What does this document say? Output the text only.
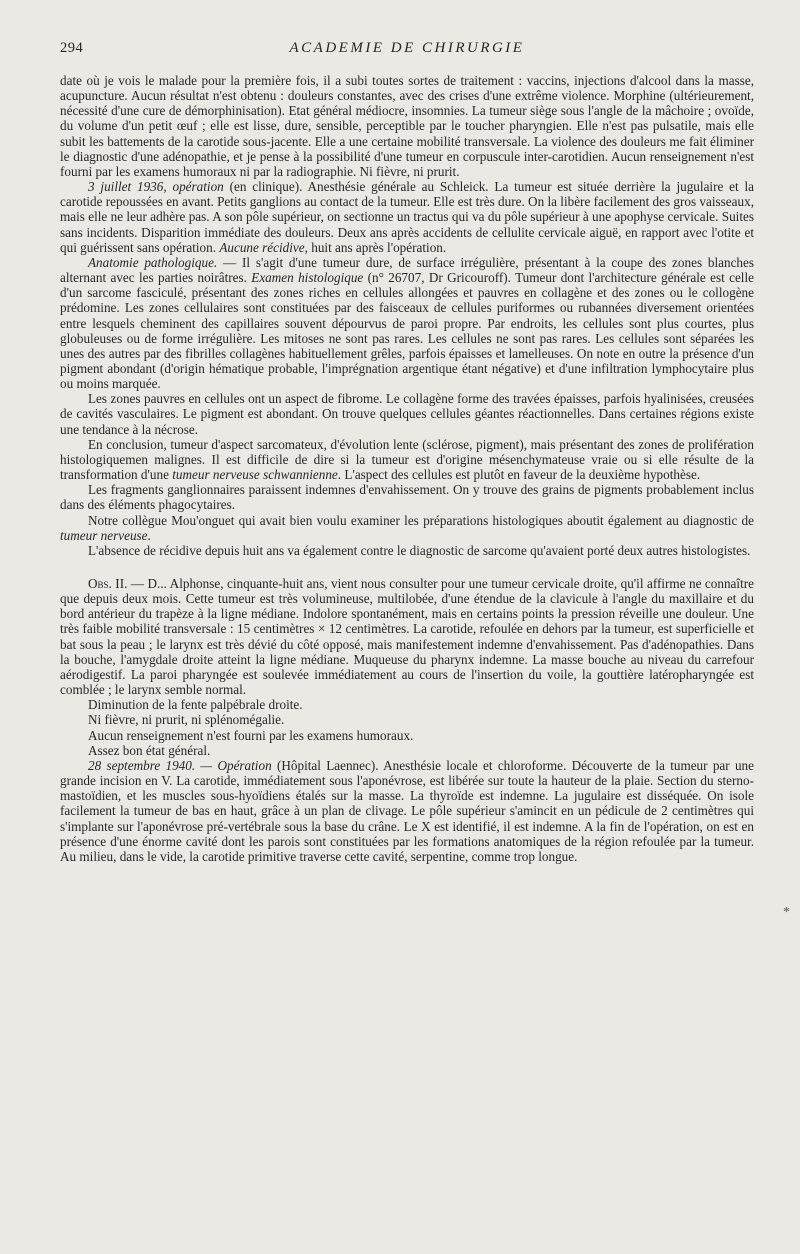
294	ACADEMIE DE CHIRURGIE

date où je vois le malade pour la première fois, il a subi toutes sortes de traitement : vaccins, injections d'alcool dans la masse, acupuncture. Aucun résultat n'est obtenu : douleurs constantes, avec des crises d'une extrême violence. Morphine (ultérieurement, nécessité d'une cure de démorphinisation). Etat général médiocre, insomnies. La tumeur siège sous l'angle de la mâchoire ; ovoïde, du volume d'un petit œuf ; elle est lisse, dure, sensible, perceptible par le toucher pharyngien. Elle n'est pas pulsatile, mais elle subit les battements de la carotide sous-jacente. Elle a une certaine mobilité transversale. La violence des douleurs me fait éliminer le diagnostic d'une adénopathie, et je pense à la possibilité d'une tumeur en corpuscule inter-carotidien. Aucun renseignement n'est fourni par les examens humoraux ni par la radiographie. Ni fièvre, ni prurit.

3 juillet 1936, opération (en clinique). Anesthésie générale au Schleick. La tumeur est située derrière la jugulaire et la carotide repoussées en avant. Petits ganglions au contact de la tumeur. Elle est très dure. On la libère facilement des gros vaisseaux, mais elle ne leur adhère pas. A son pôle supérieur, on sectionne un tractus qui va du pôle supérieur à une apophyse cervicale. Suites sans incidents. Disparition immédiate des douleurs. Deux ans après accidents de cellulite cervicale aiguë, en rapport avec l'otite et qui guérissent sans opération. Aucune récidive, huit ans après l'opération.

Anatomie pathologique. — Il s'agit d'une tumeur dure, de surface irrégulière, présentant à la coupe des zones blanches alternant avec les parties noirâtres. Examen histologique (n° 26707, Dr Gricouroff). Tumeur dont l'architecture générale est celle d'un sarcome fasciculé, présentant des zones riches en cellules allongées et pauvres en collagène et des zones ou le collogène prédomine. Les zones cellulaires sont constituées par des faisceaux de cellules puriformes ou rubannées diversement orientées entre lesquels cheminent des capillaires souvent dépourvus de paroi propre. Par endroits, les cellules sont plus courtes, plus globuleuses ou de forme irrégulière. Les mitoses ne sont pas rares. Les cellules ne sont pas rares. Les cellules sont séparées les unes des autres par des fibrilles collagènes habituellement grêles, parfois épaisses et lamelleuses. On note en outre la présence d'un pigment abondant (d'origin hématique probable, l'imprégnation argentique étant négative) et d'une infiltration lymphocytaire plus ou moins marquée.

Les zones pauvres en cellules ont un aspect de fibrome. Le collagène forme des travées épaisses, parfois hyalinisées, creusées de cavités vasculaires. Le pigment est abondant. On trouve quelques cellules géantes réactionnelles. Dans certaines régions existe une tendance à la nécrose.

En conclusion, tumeur d'aspect sarcomateux, d'évolution lente (sclérose, pigment), mais présentant des zones de prolifération histologiquemen malignes. Il est difficile de dire si la tumeur est d'origine mésenchymateuse vraie ou si elle résulte de la transformation d'une tumeur nerveuse schwannienne. L'aspect des cellules est plutôt en faveur de la deuxième hypothèse.

Les fragments ganglionnaires paraissent indemnes d'envahissement. On y trouve des grains de pigments probablement inclus dans des éléments phagocytaires.

Notre collègue Mou'onguet qui avait bien voulu examiner les préparations histologiques aboutit également au diagnostic de tumeur nerveuse.

L'absence de récidive depuis huit ans va également contre le diagnostic de sarcome qu'avaient porté deux autres histologistes.

Obs. II. — D... Alphonse, cinquante-huit ans, vient nous consulter pour une tumeur cervicale droite, qu'il affirme ne connaître que depuis deux mois. Cette tumeur est très volumineuse, multilobée, d'une étendue de la clavicule à l'angle du maxillaire et du bord antérieur du trapèze à la ligne médiane. Indolore spontanément, mais en certains points la pression réveille une douleur. Une très faible mobilité transversale : 15 centimètres × 12 centimètres. La carotide, refoulée en dehors par la tumeur, est superficielle et bat sous la peau ; le larynx est très dévié du côté opposé, mais manifestement indemne d'envahissement. Pas d'adénopathies. Dans la bouche, l'amygdale droite atteint la ligne médiane. Muqueuse du pharynx indemne. La masse bouche au niveau du carrefour aérodigestif. La paroi pharyngée est soulevée immédiatement au cours de l'insertion du voile, la gouttière latéropharyngée est comblée ; le larynx semble normal.

Diminution de la fente palpébrale droite.

Ni fièvre, ni prurit, ni splénomégalie.

Aucun renseignement n'est fourni par les examens humoraux.

Assez bon état général.

28 septembre 1940. — Opération (Hôpital Laennec). Anesthésie locale et chloroforme. Découverte de la tumeur par une grande incision en V. La carotide, immédiatement sous l'aponévrose, est libérée sur toute la hauteur de la plaie. Section du sterno-mastoïdien, et les muscles sous-hyoïdiens étalés sur la masse. La thyroïde est indemne. La jugulaire est disséquée. On isole facilement la tumeur de bas en haut, grâce à un plan de clivage. Le pôle supérieur s'amincit en un pédicule de 2 centimètres qui s'implante sur l'aponévrose pré-vertébrale sous la base du crâne. Le X est identifié, il est indemne. A la fin de l'opération, on est en présence d'une énorme cavité dont les parois sont constituées par les formations anatomiques de la région refoulée par la tumeur. Au milieu, dans le vide, la carotide primitive traverse cette cavité, serpentine, comme trop longue.

*
